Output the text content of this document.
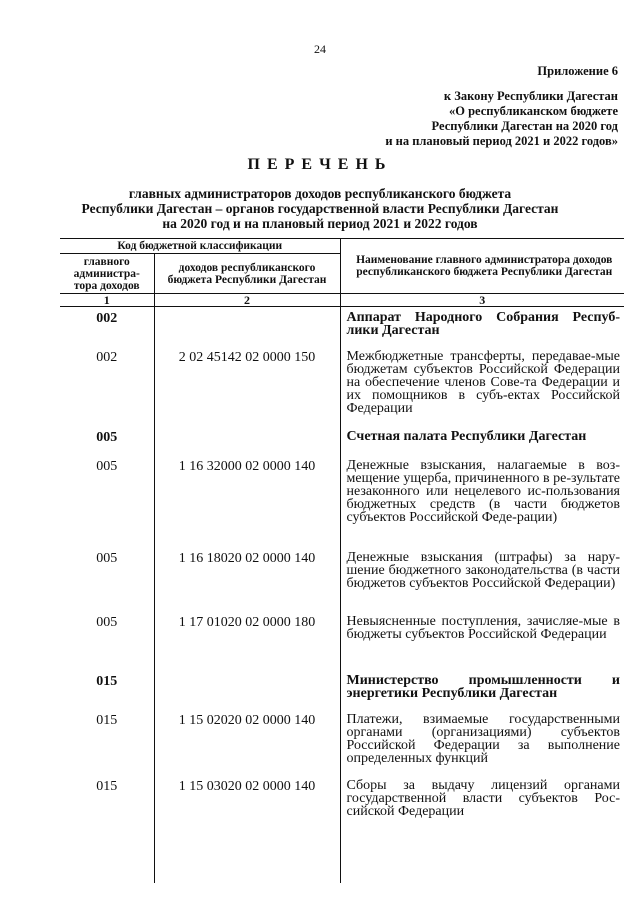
24
Приложение 6
к Закону Республики Дагестан
«О республиканском бюджете
Республики Дагестан на 2020 год
и на плановый период 2021 и 2022 годов»
ПЕРЕЧЕНЬ
главных администраторов доходов республиканского бюджета
Республики Дагестан – органов государственной власти Республики Дагестан
на 2020 год и на плановый период 2021 и 2022 годов
Код бюджетной классификации		Наименование главного администратора доходов республиканского бюджета Республики Дагестан
главного администра-тора доходов	доходов республиканского бюджета Республики Дагестан	
1	2	3
002		Аппарат Народного Собрания Респуб-лики Дагестан
002	2 02 45142 02 0000 150	Межбюджетные трансферты, передавае-мые бюджетам субъектов Российской Федерации на обеспечение членов Сове-та Федерации и их помощников в субъ-ектах Российской Федерации
005		Счетная палата Республики Дагестан
005	1 16 32000 02 0000 140	Денежные взыскания, налагаемые в воз-мещение ущерба, причиненного в ре-зультате незаконного или нецелевого ис-пользования бюджетных средств (в части бюджетов субъектов Российской Феде-рации)
005	1 16 18020 02 0000 140	Денежные взыскания (штрафы) за нару-шение бюджетного законодательства (в части бюджетов субъектов Российской Федерации)
005	1 17 01020 02 0000 180	Невыясненные поступления, зачисляе-мые в бюджеты субъектов Российской Федерации
015		Министерство промышленности и энергетики Республики Дагестан
015	1 15 02020 02 0000 140	Платежи, взимаемые государственными органами (организациями) субъектов Российской Федерации за выполнение определенных функций
015	1 15 03020 02 0000 140	Сборы за выдачу лицензий органами государственной власти субъектов Рос-сийской Федерации
